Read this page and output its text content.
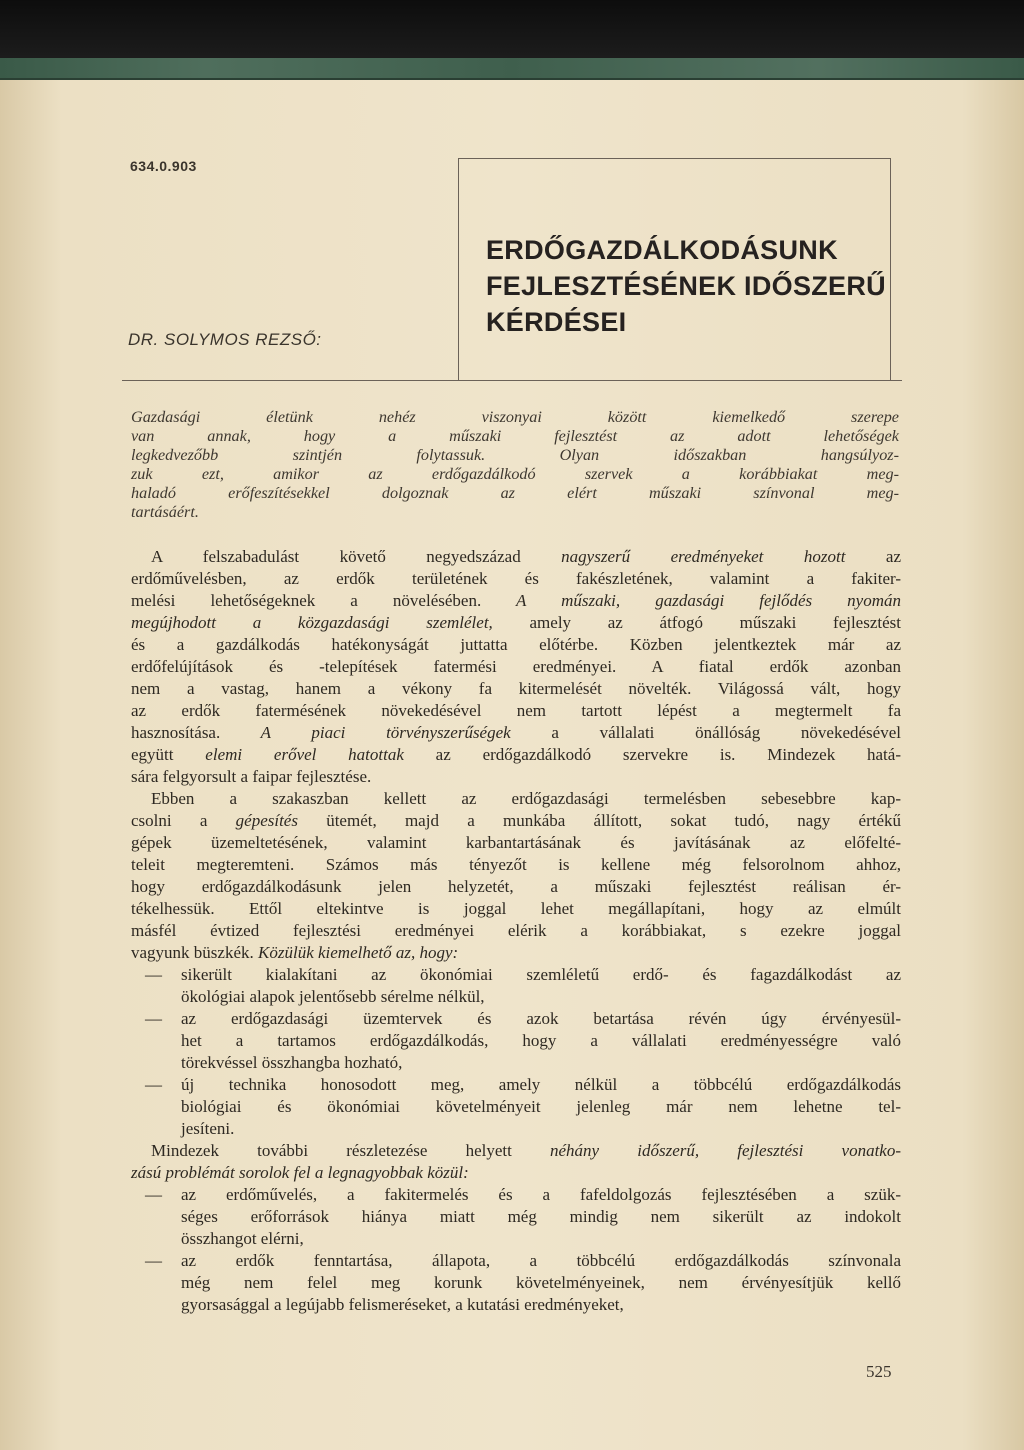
634.0.903
ERDŐGAZDÁLKODÁSUNK
FEJLESZTÉSÉNEK IDŐSZERŰ
KÉRDÉSEI
DR. SOLYMOS REZSŐ:
Gazdasági életünk nehéz viszonyai között kiemelkedő szerepe
van annak, hogy a műszaki fejlesztést az adott lehetőségek
legkedvezőbb szintjén folytassuk. Olyan időszakban hangsúlyoz-
zuk ezt, amikor az erdőgazdálkodó szervek a korábbiakat meg-
haladó erőfeszítésekkel dolgoznak az elért műszaki színvonal meg-
tartásáért.
A felszabadulást követő negyedszázad nagyszerű eredményeket hozott az
erdőművelésben, az erdők területének és fakészletének, valamint a fakiter-
melési lehetőségeknek a növelésében. A műszaki, gazdasági fejlődés nyomán
megújhodott a közgazdasági szemlélet, amely az átfogó műszaki fejlesztést
és a gazdálkodás hatékonyságát juttatta előtérbe. Közben jelentkeztek már az
erdőfelújítások és -telepítések fatermési eredményei. A fiatal erdők azonban
nem a vastag, hanem a vékony fa kitermelését növelték. Világossá vált, hogy
az erdők fatermésének növekedésével nem tartott lépést a megtermelt fa
hasznosítása. A piaci törvényszerűségek a vállalati önállóság növekedésével
együtt elemi erővel hatottak az erdőgazdálkodó szervekre is. Mindezek hatá-
sára felgyorsult a faipar fejlesztése.
Ebben a szakaszban kellett az erdőgazdasági termelésben sebesebbre kap-
csolni a gépesítés ütemét, majd a munkába állított, sokat tudó, nagy értékű
gépek üzemeltetésének, valamint karbantartásának és javításának az előfelté-
teleit megteremteni. Számos más tényezőt is kellene még felsorolnom ahhoz,
hogy erdőgazdálkodásunk jelen helyzetét, a műszaki fejlesztést reálisan ér-
tékelhessük. Ettől eltekintve is joggal lehet megállapítani, hogy az elmúlt
másfél évtized fejlesztési eredményei elérik a korábbiakat, s ezekre joggal
vagyunk büszkék. Közülük kiemelhető az, hogy:
— sikerült kialakítani az ökonómiai szemléletű erdő- és fagazdálkodást az
ökológiai alapok jelentősebb sérelme nélkül,
— az erdőgazdasági üzemtervek és azok betartása révén úgy érvényesül-
het a tartamos erdőgazdálkodás, hogy a vállalati eredményességre való
törekvéssel összhangba hozható,
— új technika honosodott meg, amely nélkül a többcélú erdőgazdálkodás
biológiai és ökonómiai követelményeit jelenleg már nem lehetne tel-
jesíteni.
Mindezek további részletezése helyett néhány időszerű, fejlesztési vonatko-
zású problémát sorolok fel a legnagyobbak közül:
— az erdőművelés, a fakitermelés és a fafeldolgozás fejlesztésében a szük-
séges erőforrások hiánya miatt még mindig nem sikerült az indokolt
összhangot elérni,
— az erdők fenntartása, állapota, a többcélú erdőgazdálkodás színvonala
még nem felel meg korunk követelményeinek, nem érvényesítjük kellő
gyorsasággal a legújabb felismeréseket, a kutatási eredményeket,
525
